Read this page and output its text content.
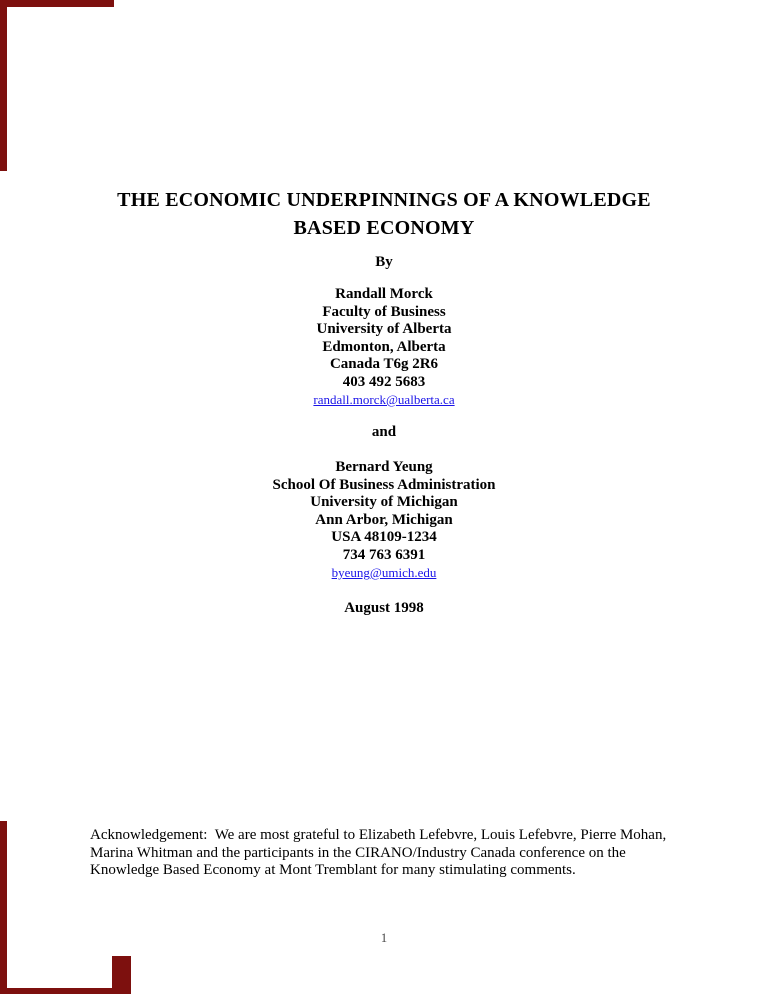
THE ECONOMIC UNDERPINNINGS OF A KNOWLEDGE
BASED ECONOMY
By
Randall Morck
Faculty of Business
University of Alberta
Edmonton, Alberta
Canada T6g 2R6
403 492 5683
randall.morck@ualberta.ca
and
Bernard Yeung
School Of Business Administration
University of Michigan
Ann Arbor, Michigan
USA 48109-1234
734 763 6391
byeung@umich.edu
August 1998
Acknowledgement:  We are most grateful to Elizabeth Lefebvre, Louis Lefebvre, Pierre Mohan,
Marina Whitman and the participants in the CIRANO/Industry Canada conference on the
Knowledge Based Economy at Mont Tremblant for many stimulating comments.
1
